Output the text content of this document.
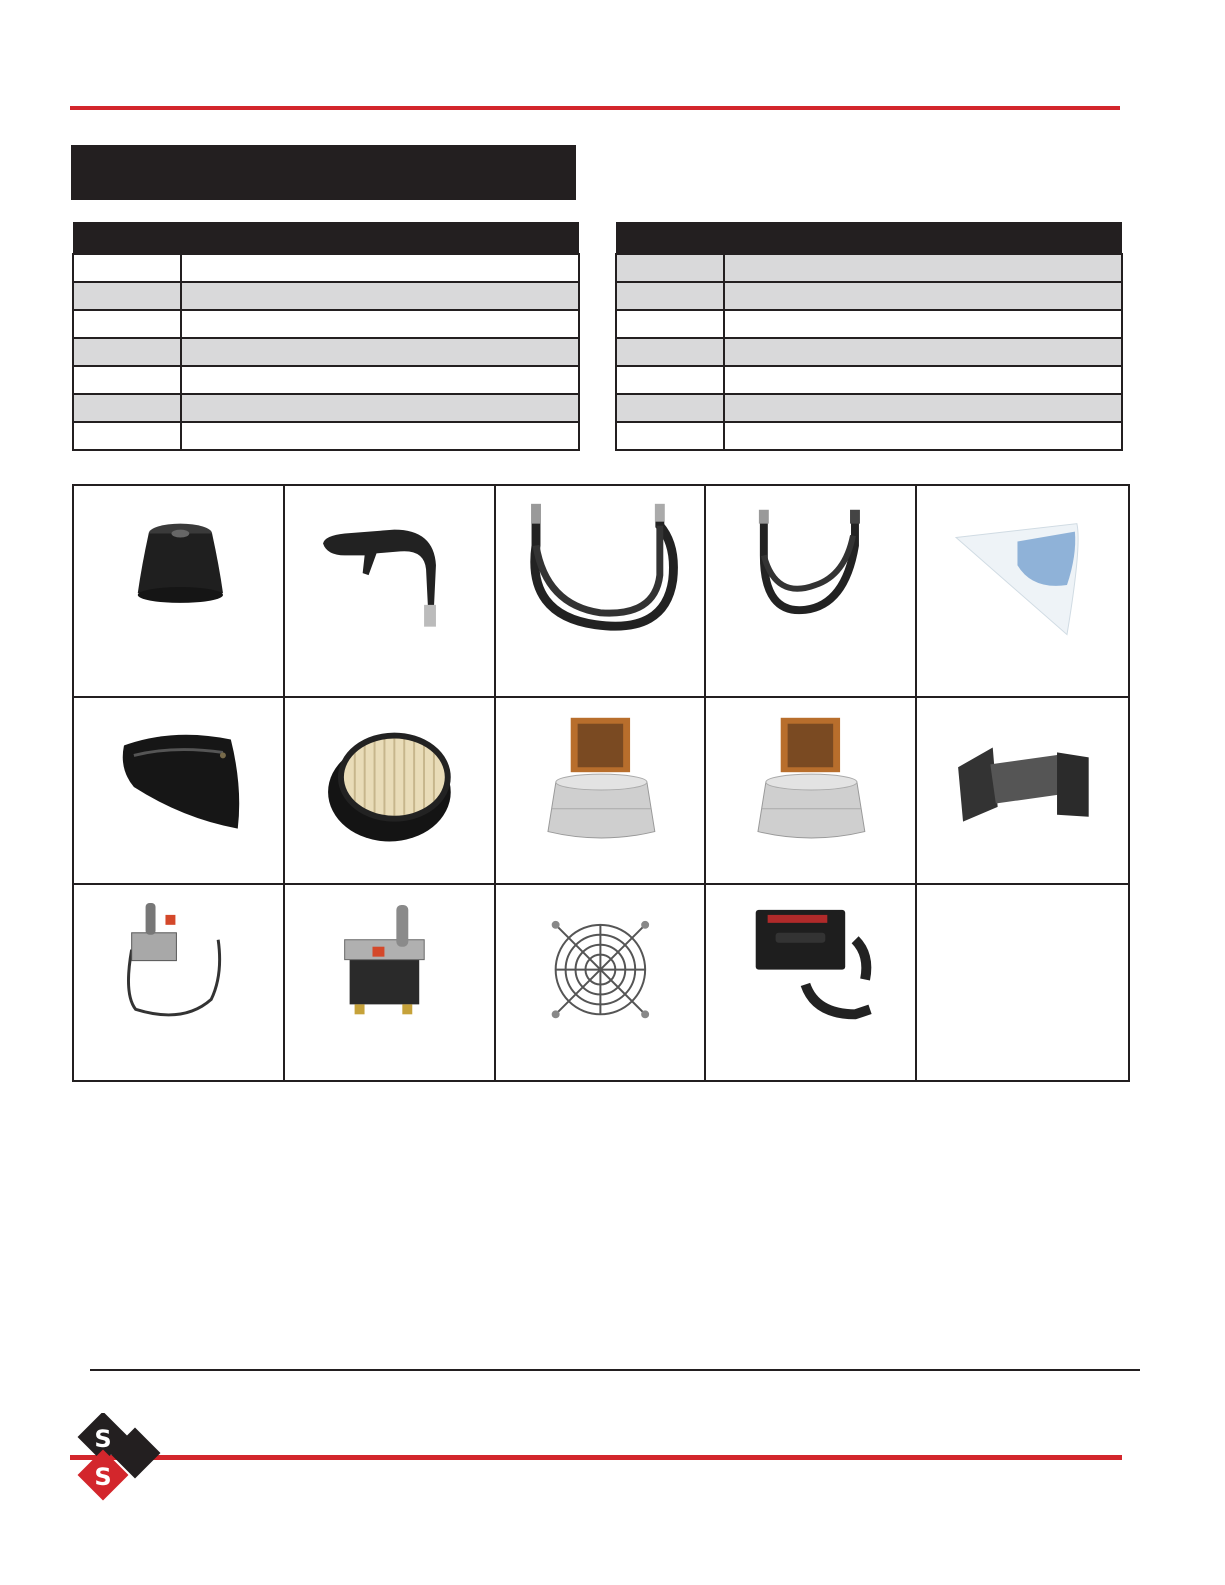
S
S
